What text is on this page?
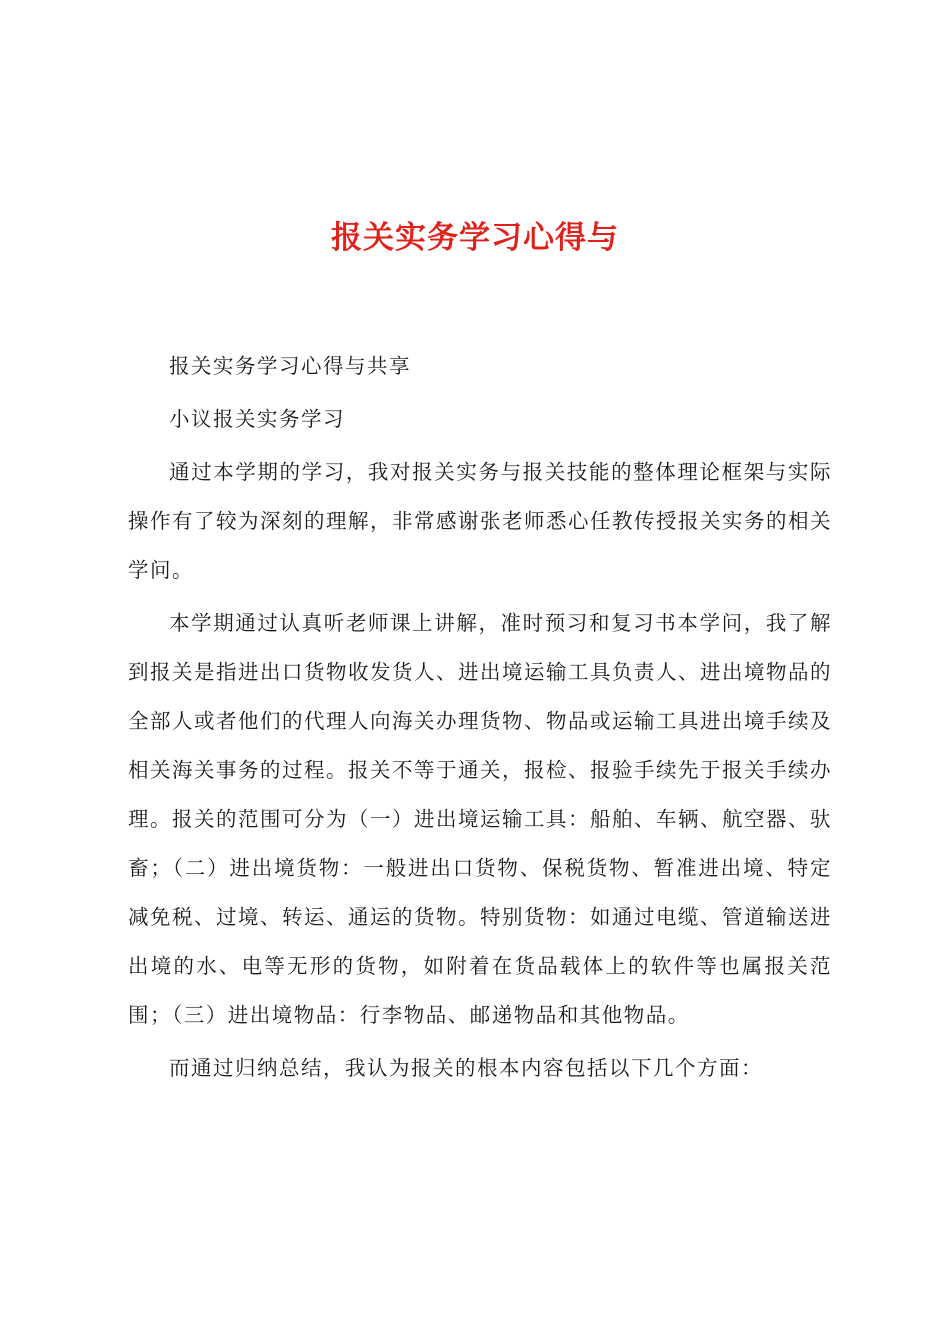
报关实务学习心得与

报关实务学习心得与共享

小议报关实务学习

通过本学期的学习，我对报关实务与报关技能的整体理论框架与实际操作有了较为深刻的理解，非常感谢张老师悉心任教传授报关实务的相关学问。

本学期通过认真听老师课上讲解，准时预习和复习书本学问，我了解到报关是指进出口货物收发货人、进出境运输工具负责人、进出境物品的全部人或者他们的代理人向海关办理货物、物品或运输工具进出境手续及相关海关事务的过程。报关不等于通关，报检、报验手续先于报关手续办理。报关的范围可分为（一）进出境运输工具：船舶、车辆、航空器、驮畜；（二）进出境货物：一般进出口货物、保税货物、暂准进出境、特定减免税、过境、转运、通运的货物。特别货物：如通过电缆、管道输送进出境的水、电等无形的货物，如附着在货品载体上的软件等也属报关范围；（三）进出境物品：行李物品、邮递物品和其他物品。

而通过归纳总结，我认为报关的根本内容包括以下几个方面：
